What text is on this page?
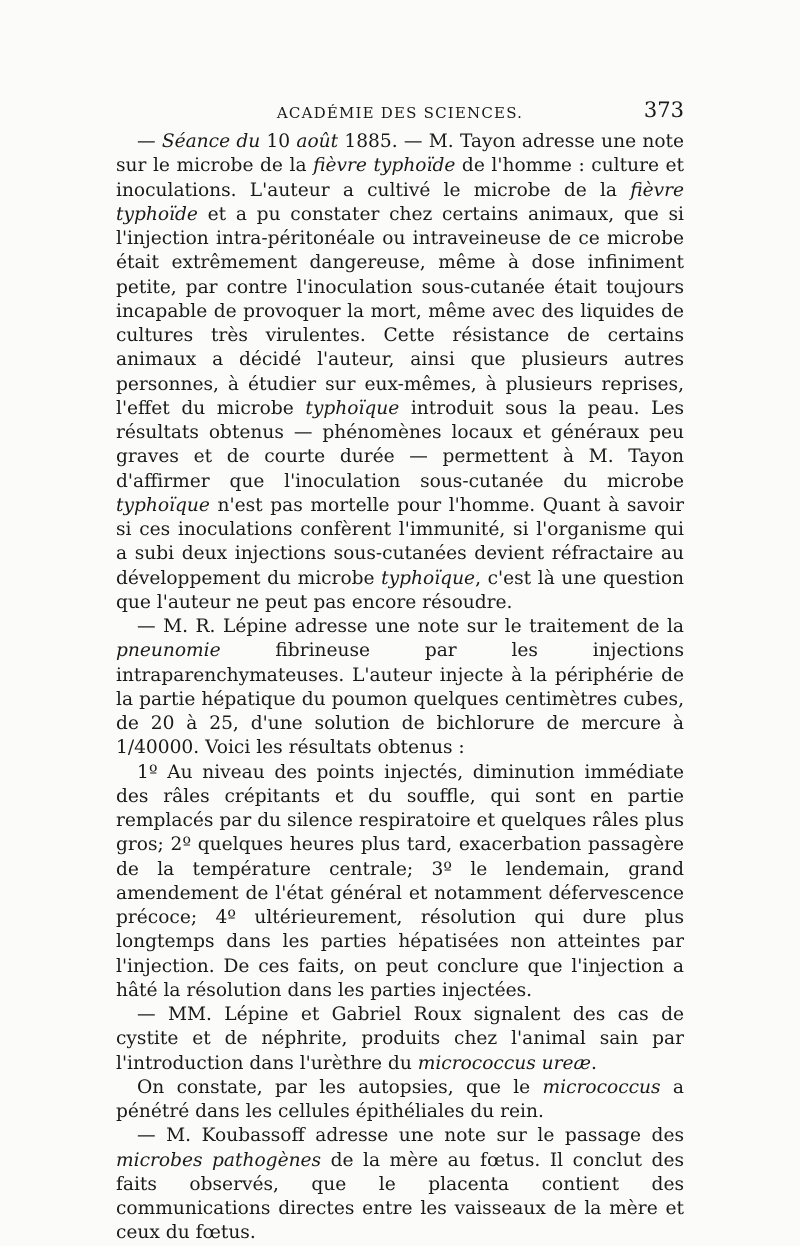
ACADÉMIE DES SCIENCES.	373

— Séance du 10 août 1885. — M. Tayon adresse une note sur le microbe de la fièvre typhoïde de l'homme : culture et inoculations. L'auteur a cultivé le microbe de la fièvre typhoïde et a pu constater chez certains animaux, que si l'injection intra-péritonéale ou intraveineuse de ce microbe était extrêmement dangereuse, même à dose infiniment petite, par contre l'inoculation sous-cutanée était toujours incapable de provoquer la mort, même avec des liquides de cultures très virulentes. Cette résistance de certains animaux a décidé l'auteur, ainsi que plusieurs autres personnes, à étudier sur eux-mêmes, à plusieurs reprises, l'effet du microbe typhoïque introduit sous la peau. Les résultats obtenus — phénomènes locaux et généraux peu graves et de courte durée — permettent à M. Tayon d'affirmer que l'inoculation sous-cutanée du microbe typhoïque n'est pas mortelle pour l'homme. Quant à savoir si ces inoculations confèrent l'immunité, si l'organisme qui a subi deux injections sous-cutanées devient réfractaire au développement du microbe typhoïque, c'est là une question que l'auteur ne peut pas encore résoudre.

— M. R. Lépine adresse une note sur le traitement de la pneunomie fibrineuse par les injections intraparenchymateuses. L'auteur injecte à la périphérie de la partie hépatique du poumon quelques centimètres cubes, de 20 à 25, d'une solution de bichlorure de mercure à 1/40000. Voici les résultats obtenus :

1º Au niveau des points injectés, diminution immédiate des râles crépitants et du souffle, qui sont en partie remplacés par du silence respiratoire et quelques râles plus gros; 2º quelques heures plus tard, exacerbation passagère de la température centrale; 3º le lendemain, grand amendement de l'état général et notamment défervescence précoce; 4º ultérieurement, résolution qui dure plus longtemps dans les parties hépatisées non atteintes par l'injection. De ces faits, on peut conclure que l'injection a hâté la résolution dans les parties injectées.

— MM. Lépine et Gabriel Roux signalent des cas de cystite et de néphrite, produits chez l'animal sain par l'introduction dans l'urèthre du micrococcus ureæ.

On constate, par les autopsies, que le micrococcus a pénétré dans les cellules épithéliales du rein.

— M. Koubassoff adresse une note sur le passage des microbes pathogènes de la mère au fœtus. Il conclut des faits observés, que le placenta contient des communications directes entre les vaisseaux de la mère et ceux du fœtus.
